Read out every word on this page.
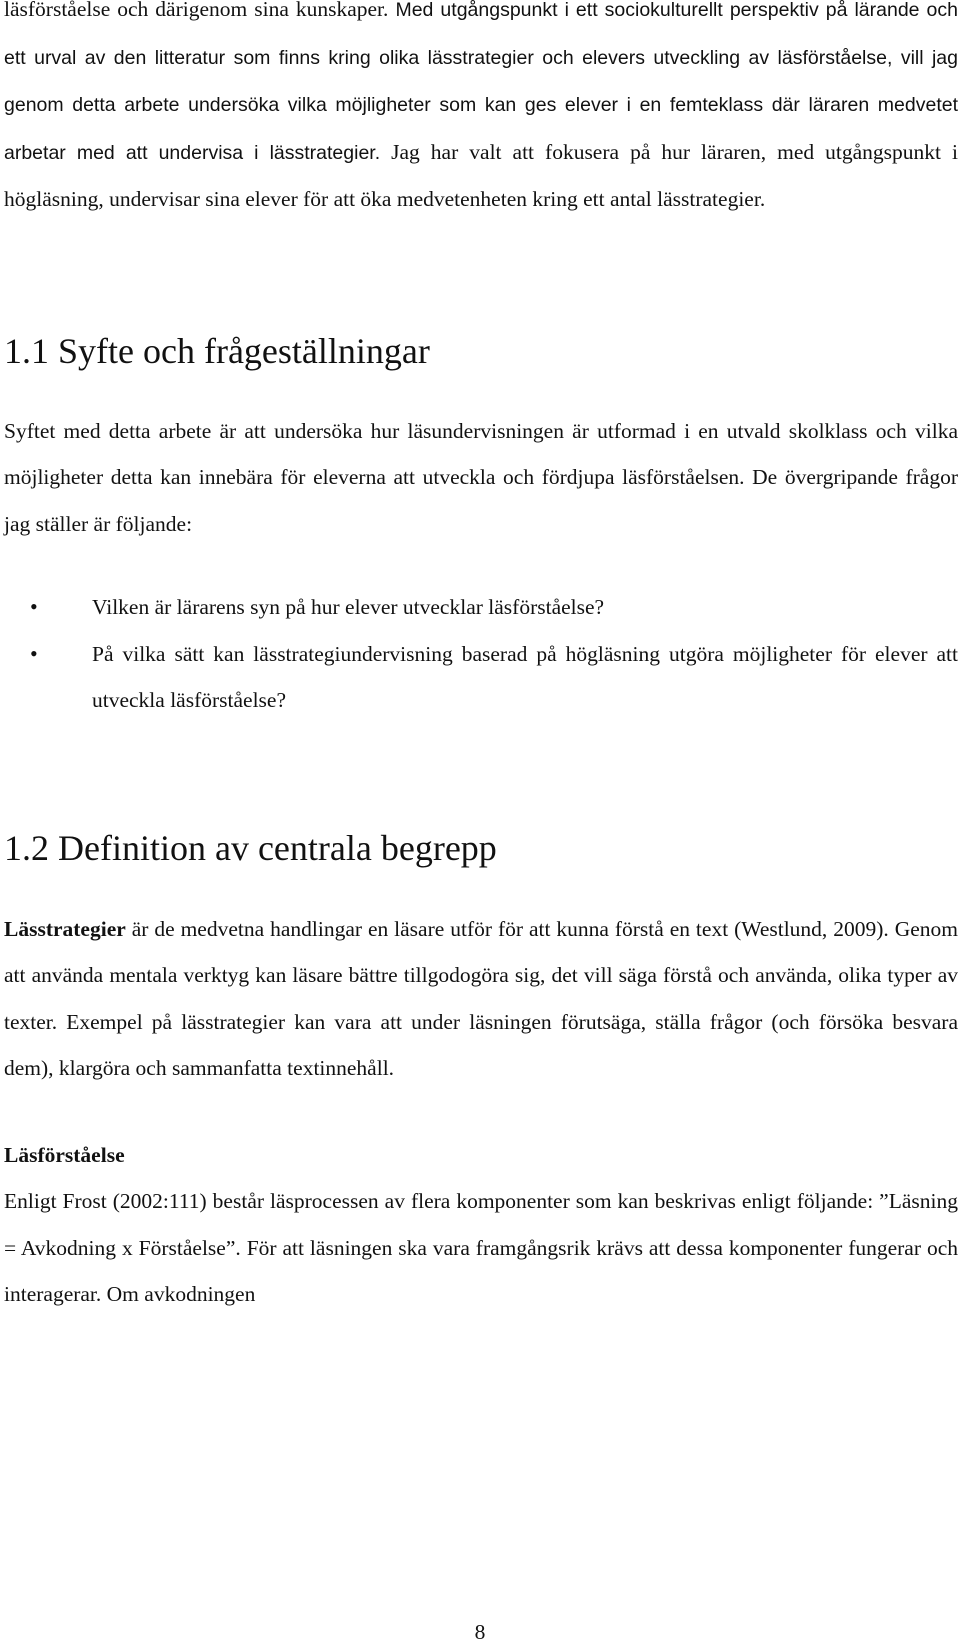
läsförståelse och därigenom sina kunskaper. Med utgångspunkt i ett sociokulturellt perspektiv på lärande och ett urval av den litteratur som finns kring olika lässtrategier och elevers utveckling av läsförståelse, vill jag genom detta arbete undersöka vilka möjligheter som kan ges elever i en femteklass där läraren medvetet arbetar med att undervisa i lässtrategier. Jag har valt att fokusera på hur läraren, med utgångspunkt i högläsning, undervisar sina elever för att öka medvetenheten kring ett antal lässtrategier.

1.1 Syfte och frågeställningar

Syftet med detta arbete är att undersöka hur läsundervisningen är utformad i en utvald skolklass och vilka möjligheter detta kan innebära för eleverna att utveckla och fördjupa läsförståelsen. De övergripande frågor jag ställer är följande:

•	Vilken är lärarens syn på hur elever utvecklar läsförståelse?
•	På vilka sätt kan lässtrategiundervisning baserad på högläsning utgöra möjligheter för elever att utveckla läsförståelse?
1.2 Definition av centrala begrepp

Lässtrategier är de medvetna handlingar en läsare utför för att kunna förstå en text (Westlund, 2009). Genom att använda mentala verktyg kan läsare bättre tillgodogöra sig, det vill säga förstå och använda, olika typer av texter. Exempel på lässtrategier kan vara att under läsningen förutsäga, ställa frågor (och försöka besvara dem), klargöra och sammanfatta textinnehåll.

Läsförståelse

Enligt Frost (2002:111) består läsprocessen av flera komponenter som kan beskrivas enligt följande: ”Läsning = Avkodning x Förståelse”. För att läsningen ska vara framgångsrik krävs att dessa komponenter fungerar och interagerar. Om avkodningen

8
